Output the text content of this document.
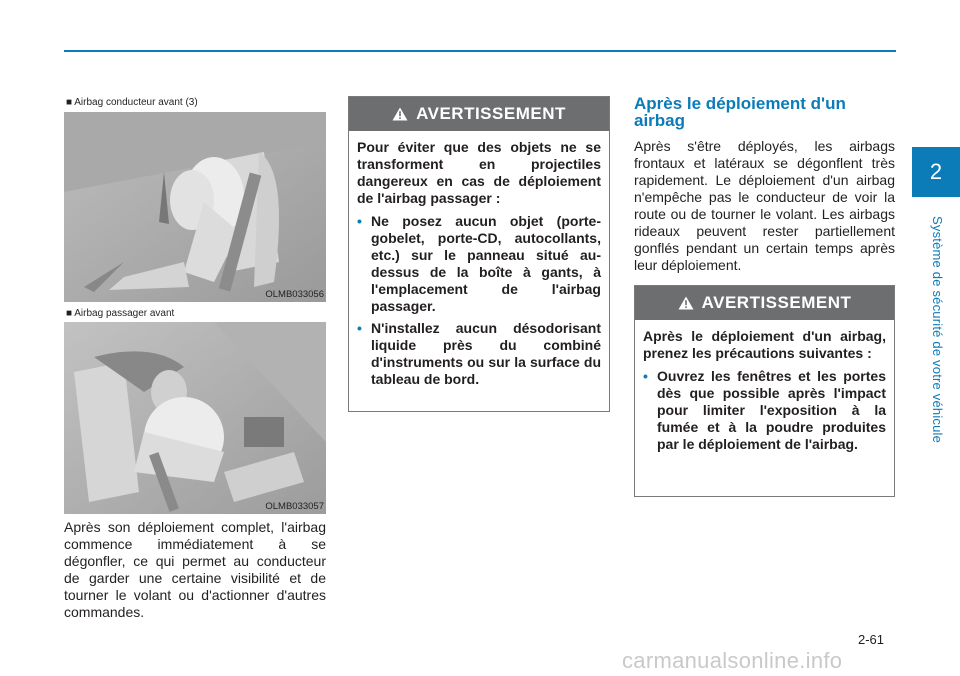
2
Système de sécurité de votre véhicule
■ Airbag conducteur avant (3)
OLMB033056
■ Airbag passager avant
OLMB033057
Après son déploiement complet, l'airbag commence immédiatement à se dégonfler, ce qui permet au conducteur de garder une certaine visibilité et de tourner le volant ou d'actionner d'autres commandes.
AVERTISSEMENT

Pour éviter que des objets ne se transforment en projectiles dangereux en cas de déploiement de l'airbag passager :

• Ne posez aucun objet (porte-gobelet, porte-CD, autocollants, etc.) sur le panneau situé au-dessus de la boîte à gants, à l'emplacement de l'airbag passager.
• N'installez aucun désodorisant liquide près du combiné d'instruments ou sur la surface du tableau de bord.
Après le déploiement d'un airbag
Après s'être déployés, les airbags frontaux et latéraux se dégonflent très rapidement. Le déploiement d'un airbag n'empêche pas le conducteur de voir la route ou de tourner le volant. Les airbags rideaux peuvent rester partiellement gonflés pendant un certain temps après leur déploiement.
AVERTISSEMENT

Après le déploiement d'un airbag, prenez les précautions suivantes :

• Ouvrez les fenêtres et les portes dès que possible après l'impact pour limiter l'exposition à la fumée et à la poudre produites par le déploiement de l'airbag.
2-61
carmanualsonline.info
